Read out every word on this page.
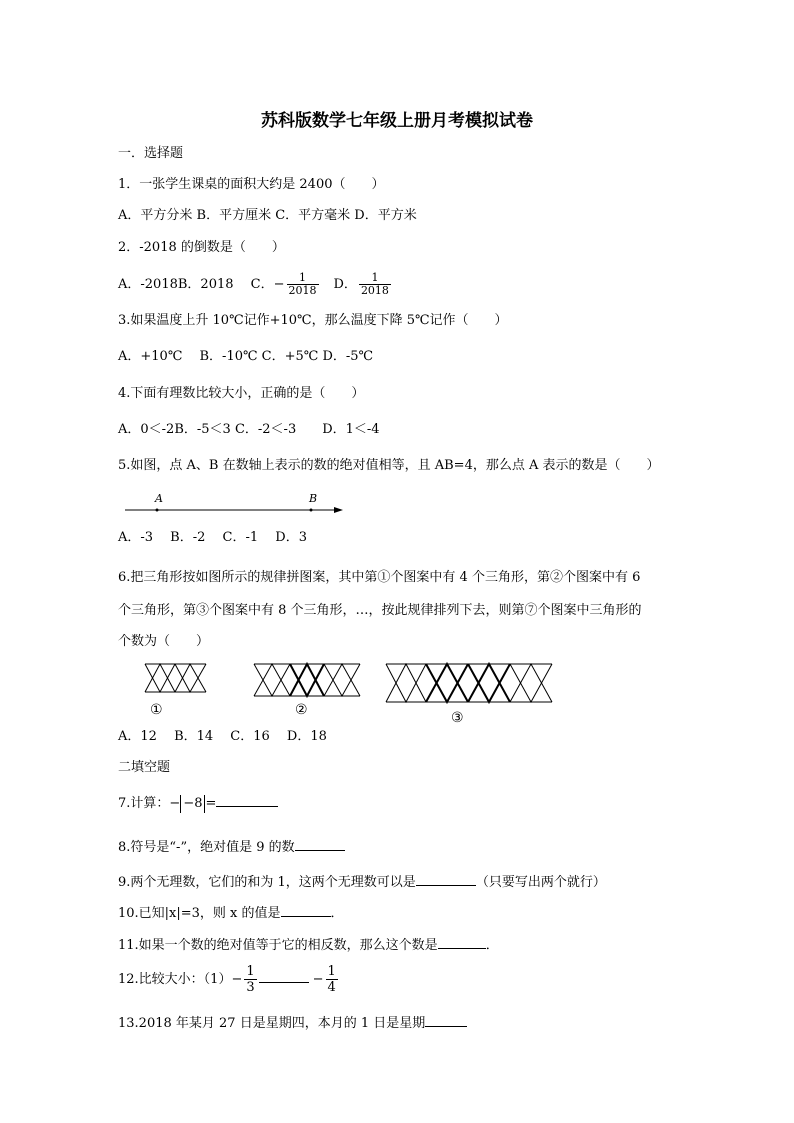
苏科版数学七年级上册月考模拟试卷
一．选择题
1．一张学生课桌的面积大约是 2400（　　）
A．平方分米 B．平方厘米 C．平方毫米 D．平方米
2．-2018 的倒数是（　　）
A．-2018B．2018　 C．− $\frac{1}{2018}$ 　D． $\frac{1}{2018}$
3.如果温度上升 10℃记作+10℃，那么温度下降 5℃记作（　　）
A．+10℃　 B．-10℃ C．+5℃ D．-5℃
4.下面有理数比较大小，正确的是（　　）
A．0＜-2B．-5＜3 C．-2＜-3　　D．1＜-4
5.如图，点 A、B 在数轴上表示的数的绝对值相等，且 AB=4，那么点 A 表示的数是（　　）
A	B
A．-3　 B．-2　 C．-1　 D．3
6.把三角形按如图所示的规律拼图案，其中第①个图案中有 4 个三角形，第②个图案中有 6
个三角形，第③个图案中有 8 个三角形，…，按此规律排列下去，则第⑦个图案中三角形的
个数为（　　）
①	②	③
A．12　 B．14　 C．16　 D．18
二填空题
7.计算：− −8 =
8.符号是“-”，绝对值是 9 的数
9.两个无理数，它们的和为 1，这两个无理数可以是	（只要写出两个就行）
10.已知|x|=3，则 x 的值是	．
11.如果一个数的绝对值等于它的相反数，那么这个数是	．
12.比较大小：$(1)- \frac{1}{3}$	− $\frac{1}{4}$
13.2018 年某月 27 日是星期四，本月的 1 日是星期
